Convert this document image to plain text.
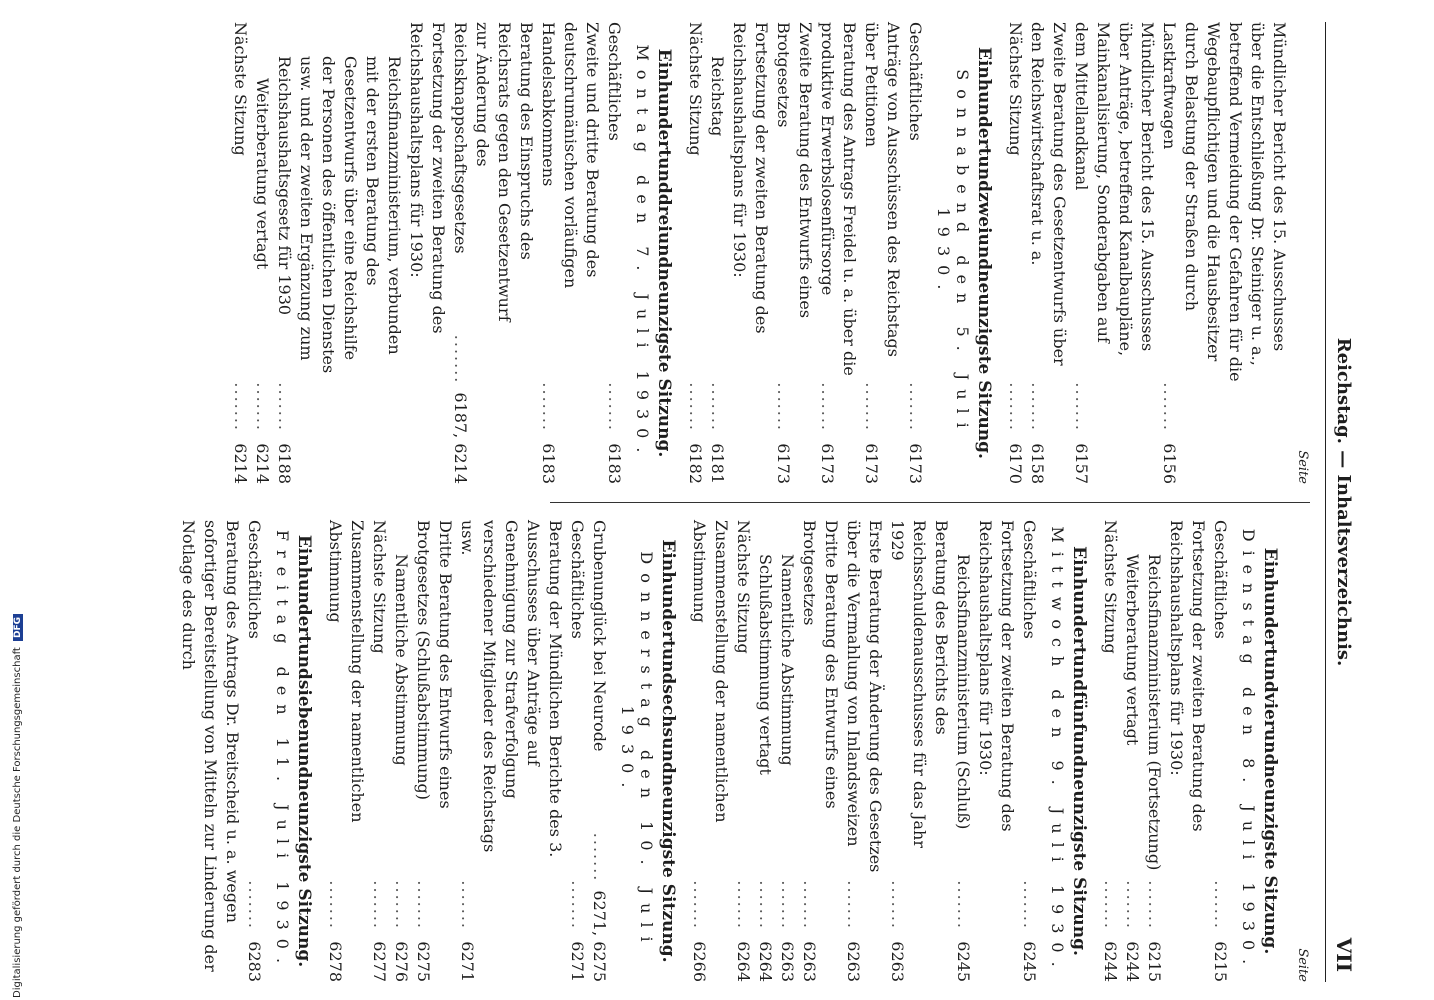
Digitalisierung gefördert durch die Deutsche Forschungsgemeinschaft DFG	Reichstag. — Inhaltsverzeichnis.
VII
Seite
Mündlicher Bericht des 15. Ausschusses über die Entschließung Dr. Steiniger u. a., betreffend Vermeidung der Gefahren für die Wegebaupflichtigen und die Hausbesitzer durch Belastung der Straßen durch Lastkraftwagen
.......
6156
Mündlicher Bericht des 15. Ausschusses über Anträge, betreffend Kanalbaupläne, Mainkanalisierung, Sonderabgaben auf dem Mittellandkanal
.......
6157
Zweite Beratung des Gesetzentwurfs über den Reichswirtschaftsrat u. a.
.......
6158
Nächste Sitzung
.......
6170
Einhundertundzweiundneunzigste Sitzung.
Sonnabend den 5. Juli 1930.
Geschäftliches
.......
6173
Anträge von Ausschüssen des Reichstags über Petitionen
.......
6173
Beratung des Antrags Freidel u. a. über die produktive Erwerbslosenfürsorge
.......
6173
Zweite Beratung des Entwurfs eines Brotgesetzes
.......
6173
Fortsetzung der zweiten Beratung des Reichshaushaltsplans für 1930:
Reichstag
.......
6181
Nächste Sitzung
.......
6182
Einhundertunddreiundneunzigste Sitzung.
Montag den 7. Juli 1930.
Geschäftliches
.......
6183
Zweite und dritte Beratung des deutschrumänischen vorläufigen Handelsabkommens
.......
6183
Beratung des Einspruchs des Reichsrats gegen den Gesetzentwurf zur Änderung des Reichsknappschaftsgesetzes
.......
6187, 6214
Fortsetzung der zweiten Beratung des Reichshaushaltsplans für 1930:
Reichsfinanzministerium, verbunden mit der ersten Beratung des Gesetzentwurfs über eine Reichshilfe der Personen des öffentlichen Dienstes usw. und der zweiten Ergänzung zum Reichshaushaltsgesetz für 1930
.......
6188
Weiterberatung vertagt
.......
6214
Nächste Sitzung
.......
6214
Seite
Einhundertundvierundneunzigste Sitzung.
Dienstag den 8. Juli 1930.
Geschäftliches
.......
6215
Fortsetzung der zweiten Beratung des Reichshaushaltsplans für 1930:
Reichsfinanzministerium (Fortsetzung)
.......
6215
Weiterberatung vertagt
.......
6244
Nächste Sitzung
.......
6244
Einhundertundfünfundneunzigste Sitzung.
Mittwoch den 9. Juli 1930.
Geschäftliches
.......
6245
Fortsetzung der zweiten Beratung des Reichshaushaltsplans für 1930:
Reichsfinanzministerium (Schluß)
.......
6245
Beratung des Berichts des Reichsschuldenausschusses für das Jahr 1929
.......
6263
Erste Beratung der Änderung des Gesetzes über die Vermahlung von Inlandsweizen
.......
6263
Dritte Beratung des Entwurfs eines Brotgesetzes
.......
6263
Namentliche Abstimmung
.......
6263
Schlußabstimmung vertagt
.......
6264
Nächste Sitzung
.......
6264
Zusammenstellung der namentlichen Abstimmung
.......
6266
Einhundertundsechsundneunzigste Sitzung.
Donnerstag den 10. Juli 1930.
Grubenunglück bei Neurode
.......
6271, 6275
Geschäftliches
.......
6271
Beratung der Mündlichen Berichte des 3. Ausschusses über Anträge auf Genehmigung zur Strafverfolgung verschiedener Mitglieder des Reichstags usw.
.......
6271
Dritte Beratung des Entwurfs eines Brotgesetzes (Schlußabstimmung)
.......
6275
Namentliche Abstimmung
.......
6276
Nächste Sitzung
.......
6277
Zusammenstellung der namentlichen Abstimmung
.......
6278
Einhundertundsiebenundneunzigste Sitzung.
Freitag den 11. Juli 1930.
Geschäftliches
.......
6283
Beratung des Antrags Dr. Breitscheid u. a. wegen sofortiger Bereitstellung von Mitteln zur Linderung der Notlage des durch
